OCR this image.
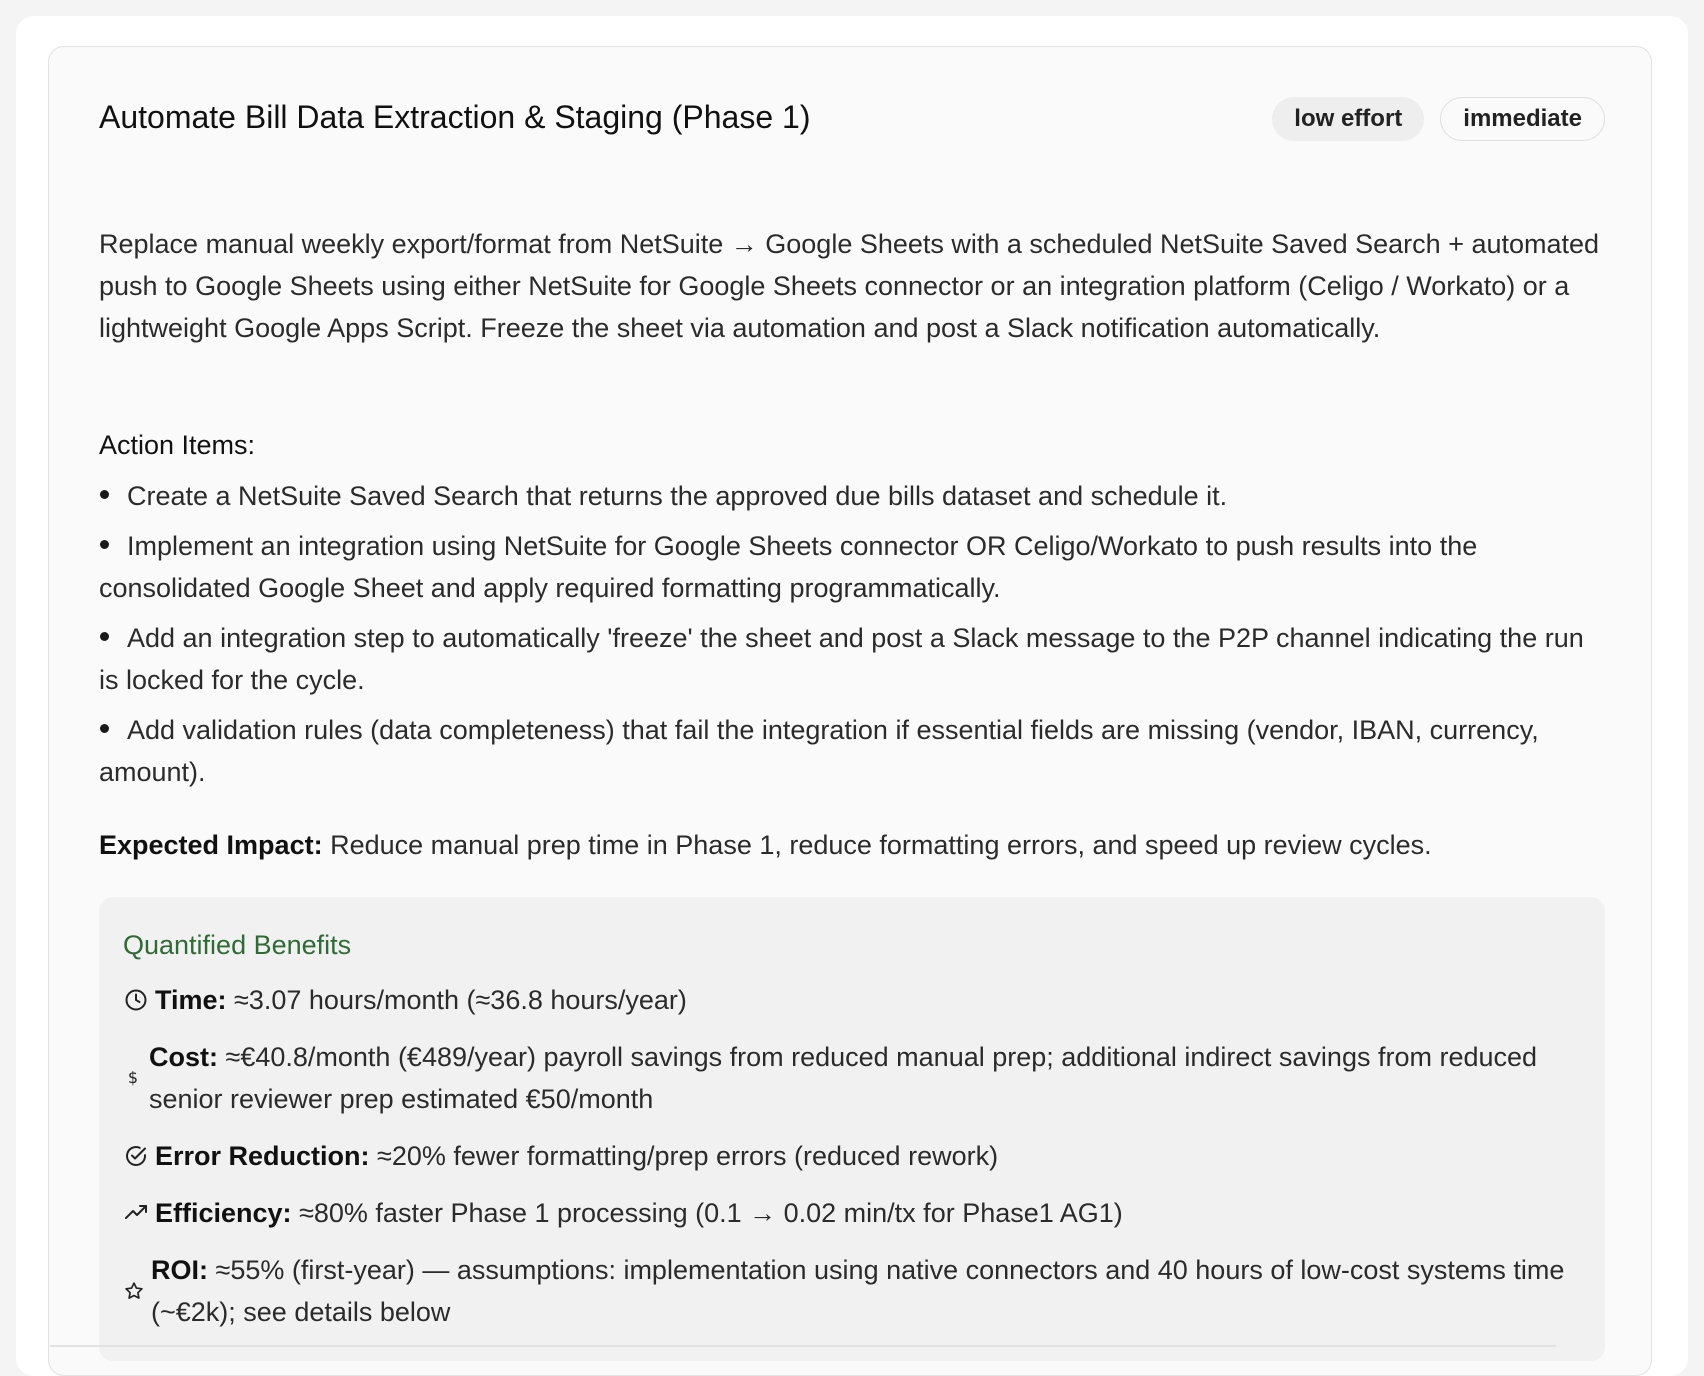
Automate Bill Data Extraction & Staging (Phase 1)	low effort	immediate

Replace manual weekly export/format from NetSuite → Google Sheets with a scheduled NetSuite Saved Search + automated push to Google Sheets using either NetSuite for Google Sheets connector or an integration platform (Celigo / Workato) or a lightweight Google Apps Script. Freeze the sheet via automation and post a Slack notification automatically.

Action Items:
Create a NetSuite Saved Search that returns the approved due bills dataset and schedule it.
Implement an integration using NetSuite for Google Sheets connector OR Celigo/Workato to push results into the consolidated Google Sheet and apply required formatting programmatically.
Add an integration step to automatically 'freeze' the sheet and post a Slack message to the P2P channel indicating the run is locked for the cycle.
Add validation rules (data completeness) that fail the integration if essential fields are missing (vendor, IBAN, currency, amount).

Expected Impact: Reduce manual prep time in Phase 1, reduce formatting errors, and speed up review cycles.

Quantified Benefits
Time: ≈3.07 hours/month (≈36.8 hours/year)
$
Cost: ≈€40.8/month (€489/year) payroll savings from reduced manual prep; additional indirect savings from reduced senior reviewer prep estimated €50/month
Error Reduction: ≈20% fewer formatting/prep errors (reduced rework)
Efficiency: ≈80% faster Phase 1 processing (0.1 → 0.02 min/tx for Phase1 AG1)
ROI: ≈55% (first-year) — assumptions: implementation using native connectors and 40 hours of low-cost systems time (~€2k); see details below
